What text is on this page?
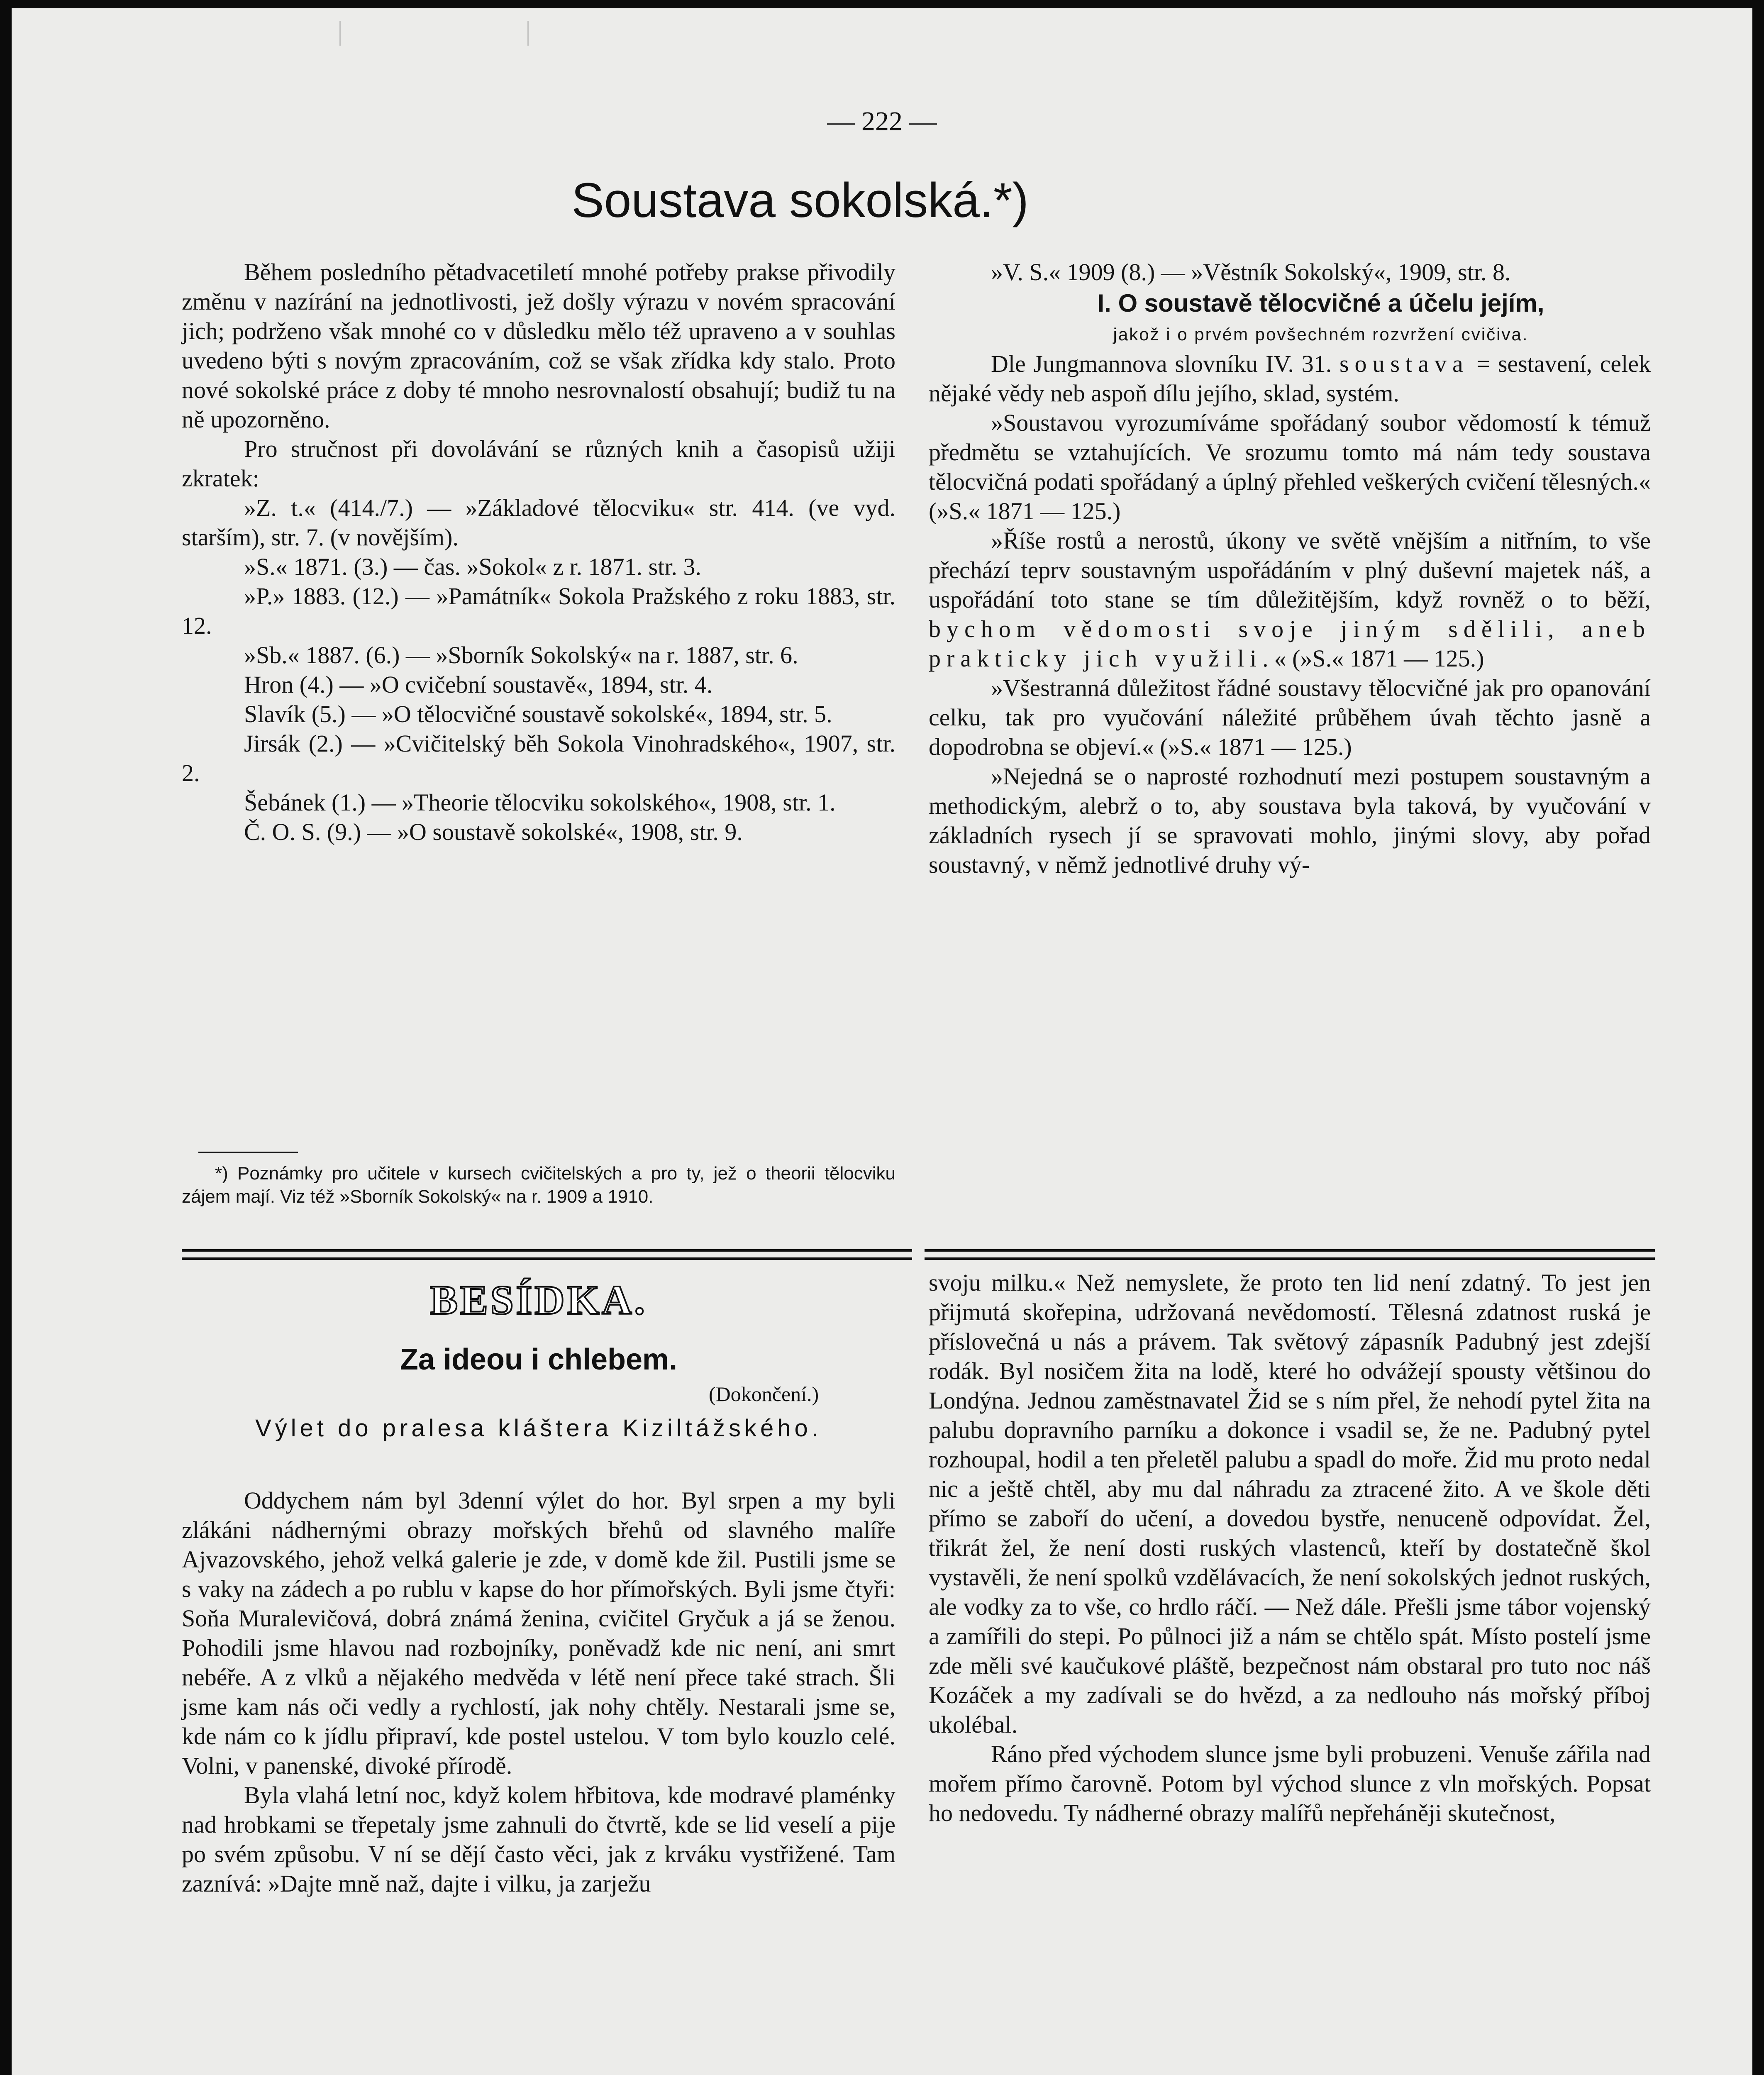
— 222 —
Soustava sokolská.*)

Během posledního pětadvacetiletí mnohé potřeby prakse přivodily změnu v nazírání na jednotlivosti, jež došly výrazu v novém spracování jich; podrženo však mnohé co v důsledku mělo též upraveno a v souhlas uvedeno býti s novým zpracováním, což se však zřídka kdy stalo. Proto nové sokolské práce z doby té mnoho nesrovnalostí obsahují; budiž tu na ně upozorněno.

Pro stručnost při dovolávání se různých knih a časopisů užiji zkratek:

»Z. t.« (414./7.) — »Základové tělocviku« str. 414. (ve vyd. starším), str. 7. (v novějším).

»S.« 1871. (3.) — čas. »Sokol« z r. 1871. str. 3.

»P.» 1883. (12.) — »Památník« Sokola Pražského z roku 1883, str. 12.

»Sb.« 1887. (6.) — »Sborník Sokolský« na r. 1887, str. 6.

Hron (4.) — »O cvičební soustavě«, 1894, str. 4.

Slavík (5.) — »O tělocvičné soustavě sokolské«, 1894, str. 5.

Jirsák (2.) — »Cvičitelský běh Sokola Vinohradského«, 1907, str. 2.

Šebánek (1.) — »Theorie tělocviku sokolského«, 1908, str. 1.

Č. O. S. (9.) — »O soustavě sokolské«, 1908, str. 9.

*) Poznámky pro učitele v kursech cvičitelských a pro ty, jež o theorii tělocviku zájem mají. Viz též »Sborník Sokolský« na r. 1909 a 1910.

»V. S.« 1909 (8.) — »Věstník Sokolský«, 1909, str. 8.

I. O soustavě tělocvičné a účelu jejím,

jakož i o prvém povšechném rozvržení cvičiva.

Dle Jungmannova slovníku IV. 31. soustava = sestavení, celek nějaké vědy neb aspoň dílu jejího, sklad, systém.

»Soustavou vyrozumíváme spořádaný soubor vědomostí k témuž předmětu se vztahujících. Ve srozumu tomto má nám tedy soustava tělocvičná podati spořádaný a úplný přehled veškerých cvičení tělesných.« (»S.« 1871 — 125.)

»Říše rostů a nerostů, úkony ve světě vnějším a nitřním, to vše přechází teprv soustavným uspořádáním v plný duševní majetek náš, a uspořádání toto stane se tím důležitějším, když rovněž o to běží, bychom vědomosti svoje jiným sdělili, aneb prakticky jich využili.« (»S.« 1871 — 125.)

»Všestranná důležitost řádné soustavy tělocvičné jak pro opanování celku, tak pro vyučování náležité průběhem úvah těchto jasně a dopodrobna se objeví.« (»S.« 1871 — 125.)

»Nejedná se o naprosté rozhodnutí mezi postupem soustavným a methodickým, alebrž o to, aby soustava byla taková, by vyučování v základních rysech jí se spravovati mohlo, jinými slovy, aby pořad soustavný, v němž jednotlivé druhy vý-

BESÍDKA.
Za ideou i chlebem.
(Dokončení.)
Výlet do pralesa kláštera Kiziltážského.

Oddychem nám byl 3denní výlet do hor. Byl srpen a my byli zlákáni nádhernými obrazy mořských břehů od slavného malíře Ajvazovského, jehož velká galerie je zde, v domě kde žil. Pustili jsme se s vaky na zádech a po rublu v kapse do hor přímořských. Byli jsme čtyři: Soňa Muralevičová, dobrá známá ženina, cvičitel Gryčuk a já se ženou. Pohodili jsme hlavou nad rozbojníky, poněvadž kde nic není, ani smrt nebéře. A z vlků a nějakého medvěda v létě není přece také strach. Šli jsme kam nás oči vedly a rychlostí, jak nohy chtěly. Nestarali jsme se, kde nám co k jídlu připraví, kde postel ustelou. V tom bylo kouzlo celé. Volni, v panenské, divoké přírodě.

Byla vlahá letní noc, když kolem hřbitova, kde modravé plaménky nad hrobkami se třepetaly jsme zahnuli do čtvrtě, kde se lid veselí a pije po svém způsobu. V ní se dějí často věci, jak z krváku vystřižené. Tam zaznívá: »Dajte mně naž, dajte i vilku, ja zarježu

svoju milku.« Než nemyslete, že proto ten lid není zdatný. To jest jen přijmutá skořepina, udržovaná nevědomostí. Tělesná zdatnost ruská je příslovečná u nás a právem. Tak světový zápasník Padubný jest zdejší rodák. Byl nosičem žita na lodě, které ho odvážejí spousty většinou do Londýna. Jednou zaměstnavatel Žid se s ním přel, že nehodí pytel žita na palubu dopravního parníku a dokonce i vsadil se, že ne. Padubný pytel rozhoupal, hodil a ten přeletěl palubu a spadl do moře. Žid mu proto nedal nic a ještě chtěl, aby mu dal náhradu za ztracené žito. A ve škole děti přímo se zaboří do učení, a dovedou bystře, nenuceně odpovídat. Žel, třikrát žel, že není dosti ruských vlastenců, kteří by dostatečně škol vystavěli, že není spolků vzdělávacích, že není sokolských jednot ruských, ale vodky za to vše, co hrdlo ráčí. — Než dále. Přešli jsme tábor vojenský a zamířili do stepi. Po půlnoci již a nám se chtělo spát. Místo postelí jsme zde měli své kaučukové pláště, bezpečnost nám obstaral pro tuto noc náš Kozáček a my zadívali se do hvězd, a za nedlouho nás mořský příboj ukolébal.

Ráno před východem slunce jsme byli probuzeni. Venuše zářila nad mořem přímo čarovně. Potom byl východ slunce z vln mořských. Popsat ho nedovedu. Ty nádherné obrazy malířů nepřeháněji skutečnost,
